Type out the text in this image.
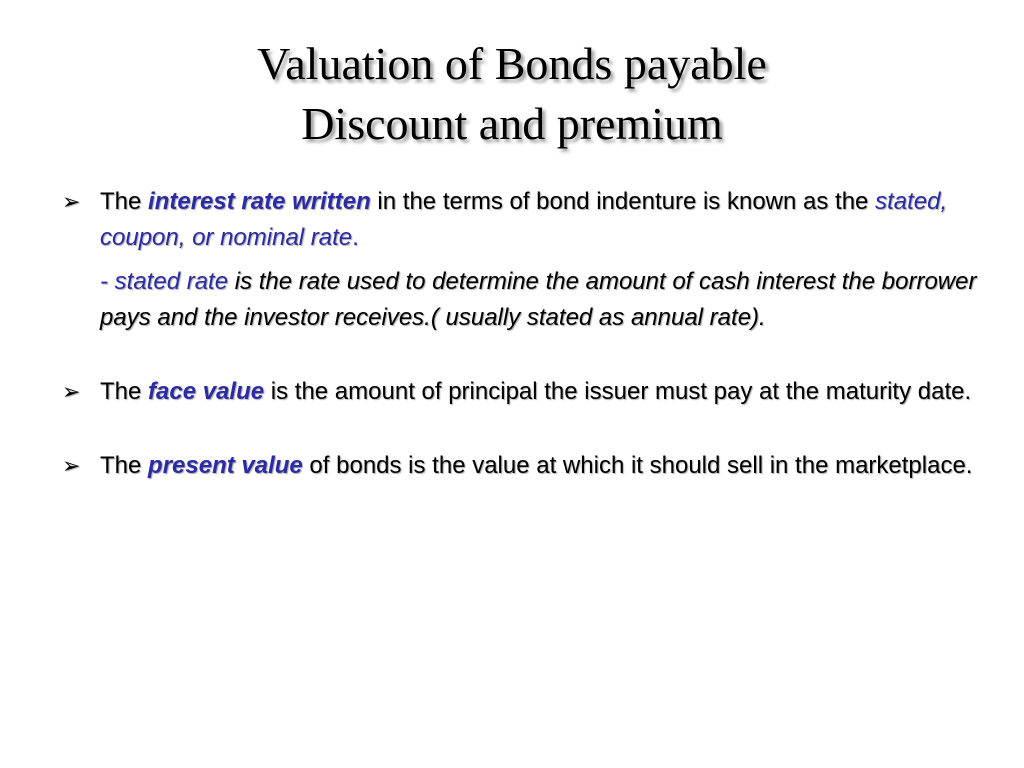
Valuation of Bonds payable
Discount and premium
➢ The interest rate written in the terms of bond indenture is known as the stated, coupon, or nominal rate.
- stated rate is the rate used to determine the amount of cash interest the borrower pays and the investor receives.( usually stated as annual rate).
➢ The face value is the amount of principal the issuer must pay at the maturity date.
➢ The present value of bonds is the value at which it should sell in the marketplace.
